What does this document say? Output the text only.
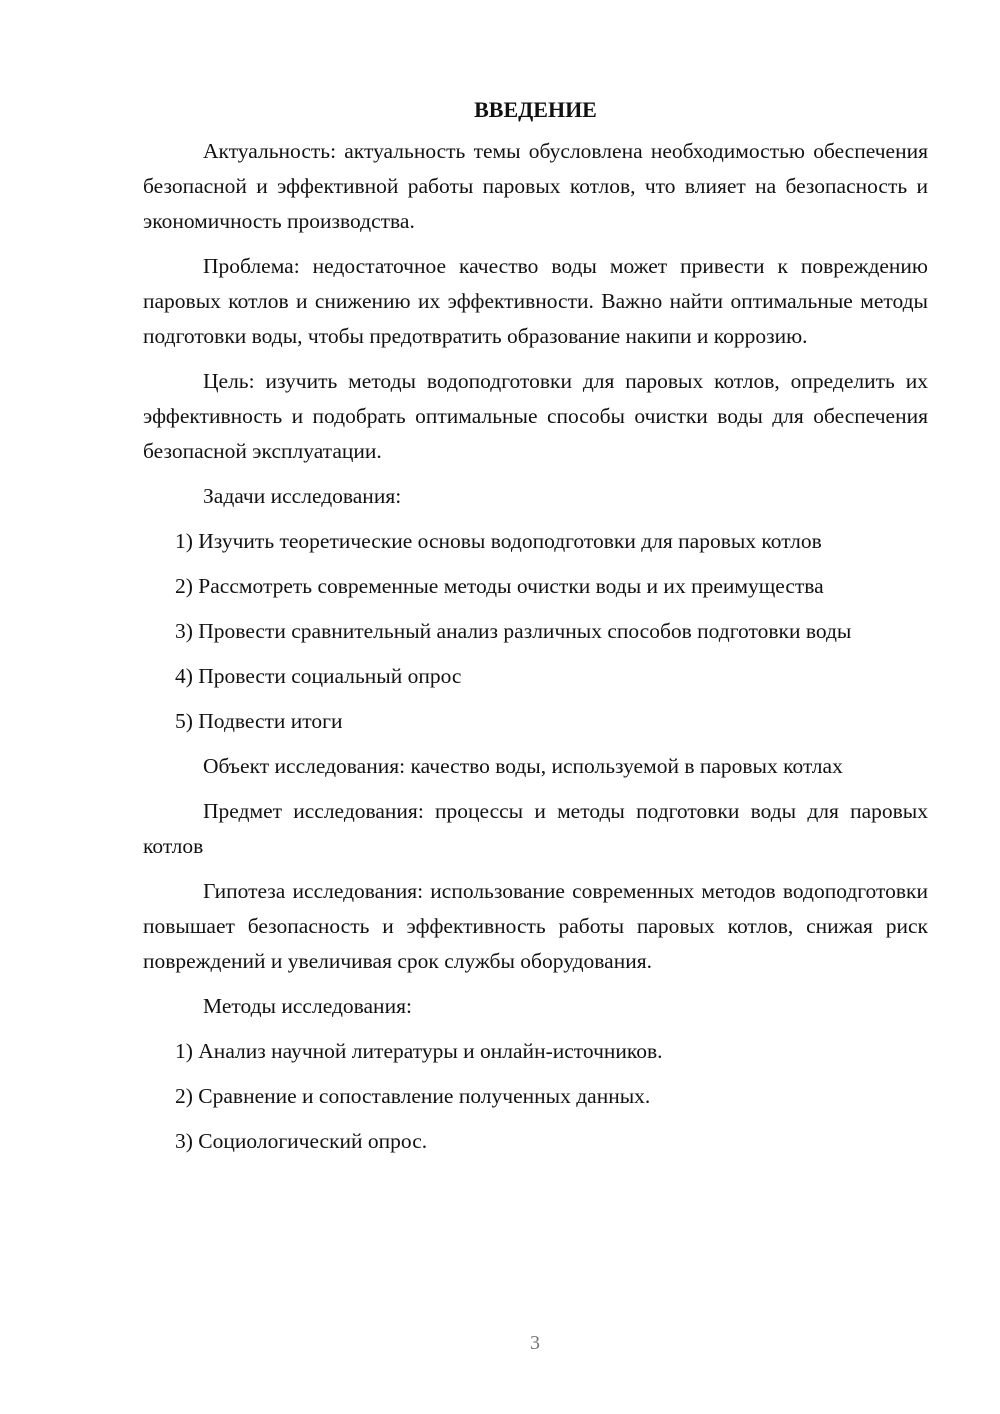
ВВЕДЕНИЕ

Актуальность: актуальность темы обусловлена необходимостью обеспечения безопасной и эффективной работы паровых котлов, что влияет на безопасность и экономичность производства.

Проблема: недостаточное качество воды может привести к повреждению паровых котлов и снижению их эффективности. Важно найти оптимальные методы подготовки воды, чтобы предотвратить образование накипи и коррозию.

Цель: изучить методы водоподготовки для паровых котлов, определить их эффективность и подобрать оптимальные способы очистки воды для обеспечения безопасной эксплуатации.

Задачи исследования:

1) Изучить теоретические основы водоподготовки для паровых котлов

2) Рассмотреть современные методы очистки воды и их преимущества

3) Провести сравнительный анализ различных способов подготовки воды

4) Провести социальный опрос

5) Подвести итоги

Объект исследования: качество воды, используемой в паровых котлах

Предмет исследования: процессы и методы подготовки воды для паровых котлов

Гипотеза исследования: использование современных методов водоподготовки повышает безопасность и эффективность работы паровых котлов, снижая риск повреждений и увеличивая срок службы оборудования.

Методы исследования:

1) Анализ научной литературы и онлайн-источников.

2) Сравнение и сопоставление полученных данных.

3) Социологический опрос.

3
